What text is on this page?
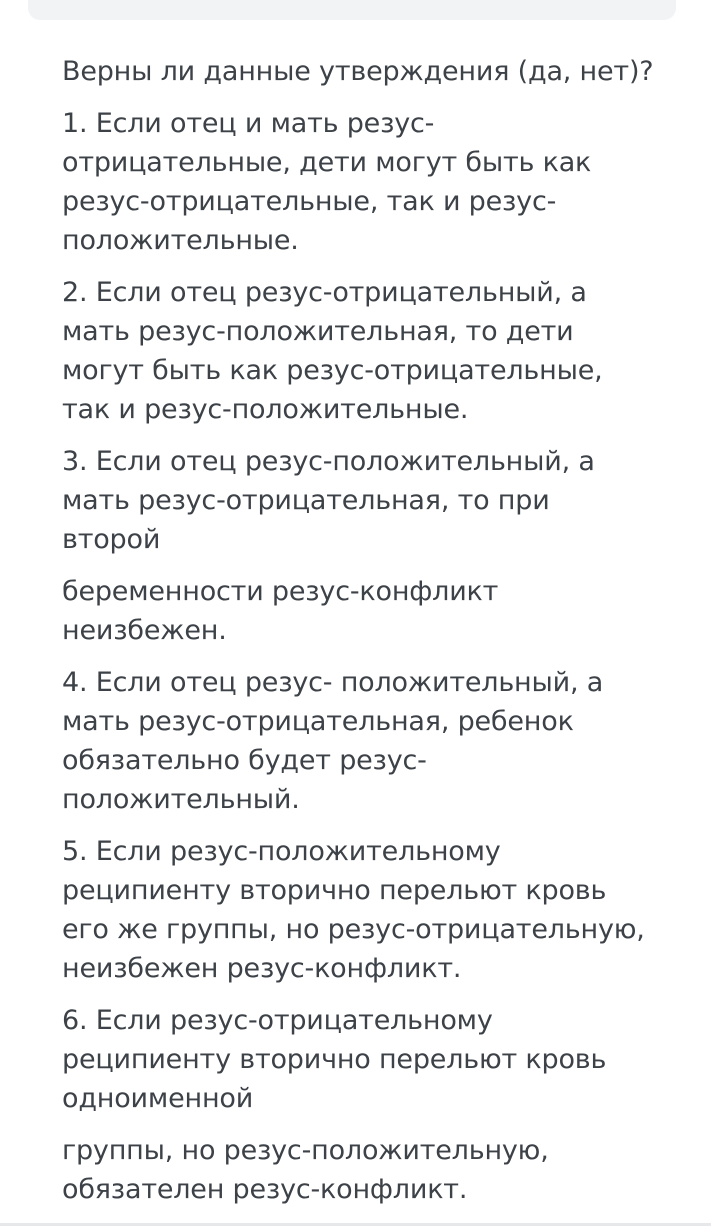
Верны ли данные утверждения (да, нет)?

1. Если отец и мать резус-
отрицательные, дети могут быть как
резус-отрицательные, так и резус-
положительные.

2. Если отец резус-отрицательный, а
мать резус-положительная, то дети
могут быть как резус-отрицательные,
так и резус-положительные.

3. Если отец резус-положительный, а
мать резус-отрицательная, то при
второй

беременности резус-конфликт
неизбежен.

4. Если отец резус- положительный, а
мать резус-отрицательная, ребенок
обязательно будет резус-
положительный.

5. Если резус-положительному
реципиенту вторично перельют кровь
его же группы, но резус-отрицательную,
неизбежен резус-конфликт.

6. Если резус-отрицательному
реципиенту вторично перельют кровь
одноименной

группы, но резус-положительную,
обязателен резус-конфликт.
